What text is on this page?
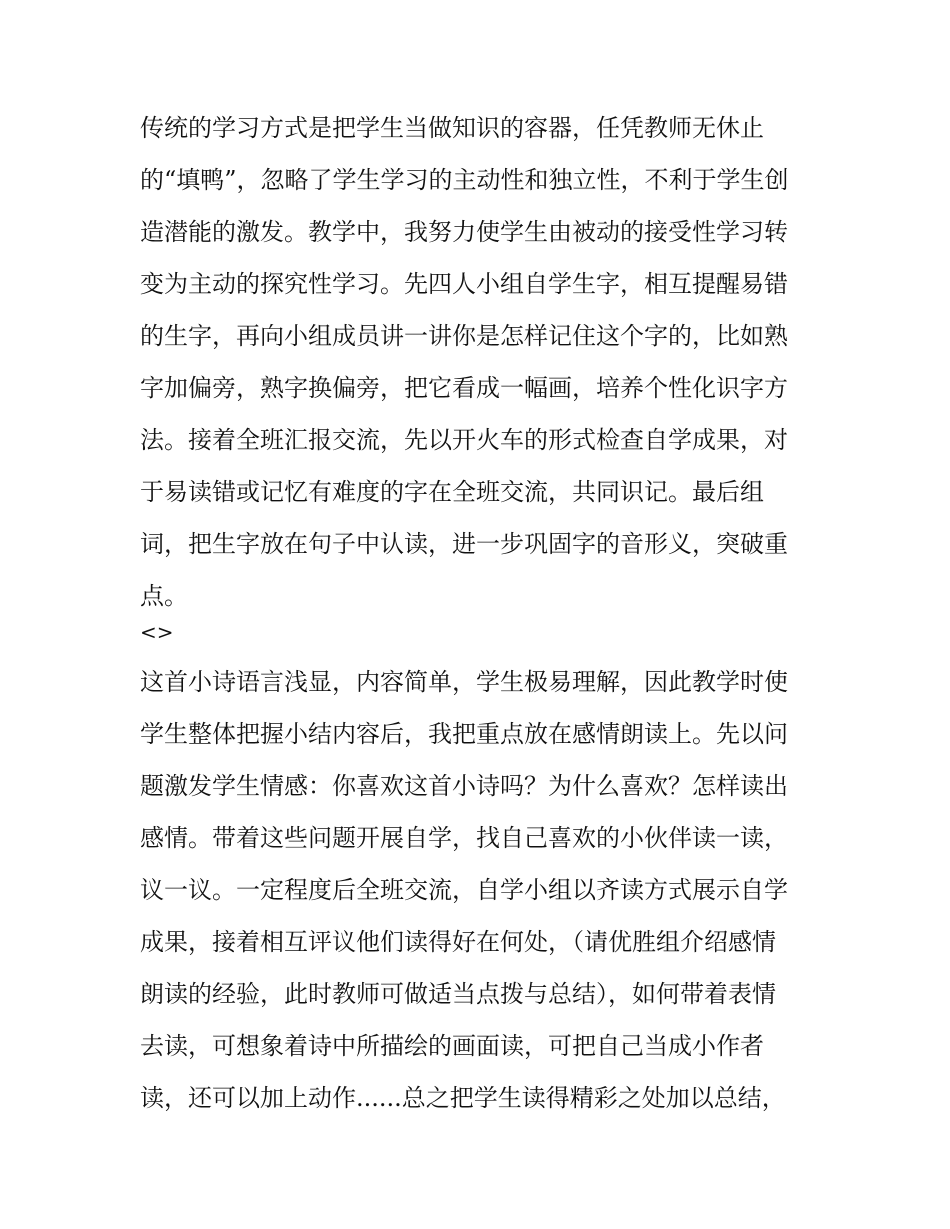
传统的学习方式是把学生当做知识的容器，任凭教师无休止
的“填鸭”，忽略了学生学习的主动性和独立性，不利于学生创
造潜能的激发。教学中，我努力使学生由被动的接受性学习转
变为主动的探究性学习。先四人小组自学生字，相互提醒易错
的生字，再向小组成员讲一讲你是怎样记住这个字的，比如熟
字加偏旁，熟字换偏旁，把它看成一幅画，培养个性化识字方
法。接着全班汇报交流，先以开火车的形式检查自学成果，对
于易读错或记忆有难度的字在全班交流，共同识记。最后组
词，把生字放在句子中认读，进一步巩固字的音形义，突破重
点。
<>
这首小诗语言浅显，内容简单，学生极易理解，因此教学时使
学生整体把握小结内容后，我把重点放在感情朗读上。先以问
题激发学生情感：你喜欢这首小诗吗？为什么喜欢？怎样读出
感情。带着这些问题开展自学，找自己喜欢的小伙伴读一读，
议一议。一定程度后全班交流，自学小组以齐读方式展示自学
成果，接着相互评议他们读得好在何处，（请优胜组介绍感情
朗读的经验，此时教师可做适当点拨与总结），如何带着表情
去读，可想象着诗中所描绘的画面读，可把自己当成小作者
读，还可以加上动作......总之把学生读得精彩之处加以总结，
